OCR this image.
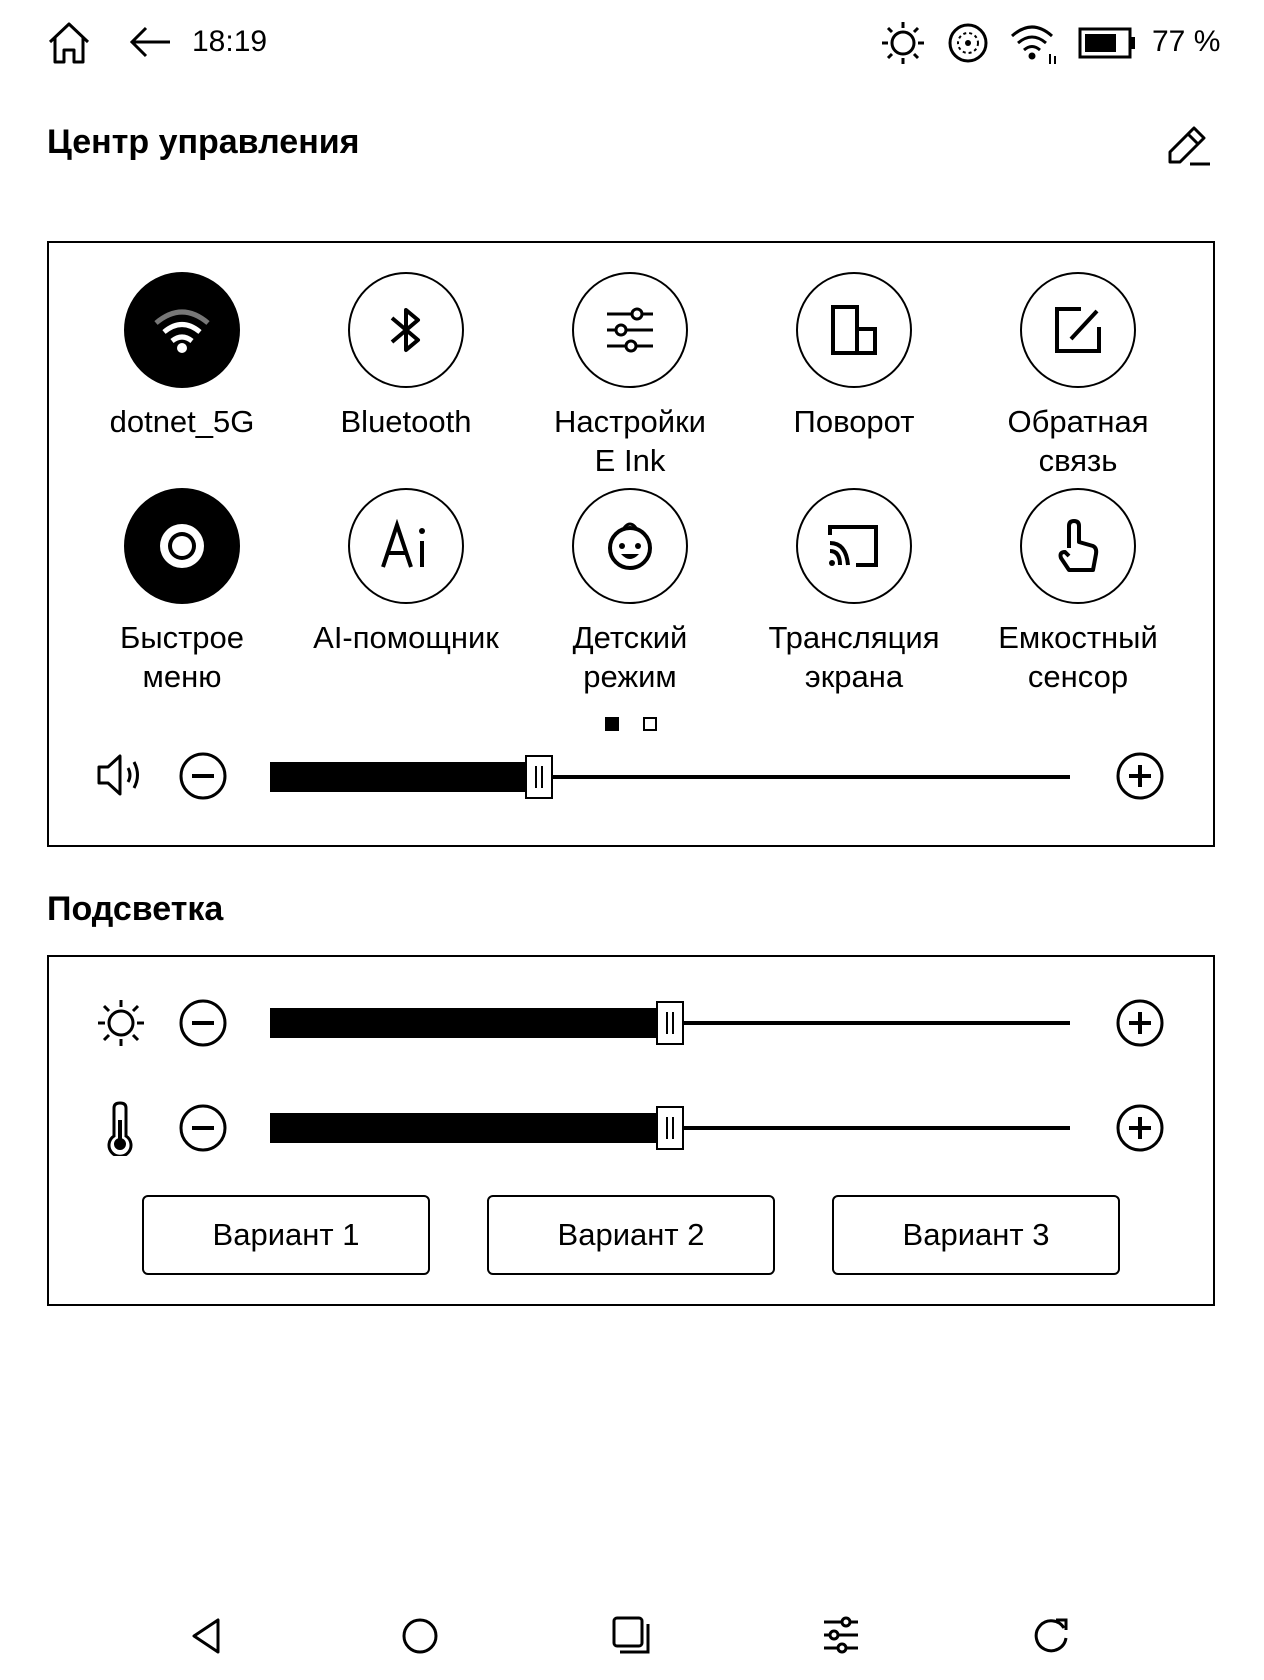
18:19	77 %
Центр управления
dotnet_5G	Bluetooth	Настройки
E Ink
Поворот	Обратная
связь
Быстрое
меню
AI-помощник	Детский
режим
Трансляция
экрана
Емкостный
сенсор
Подсветка
Вариант 1	Вариант 2	Вариант 3
